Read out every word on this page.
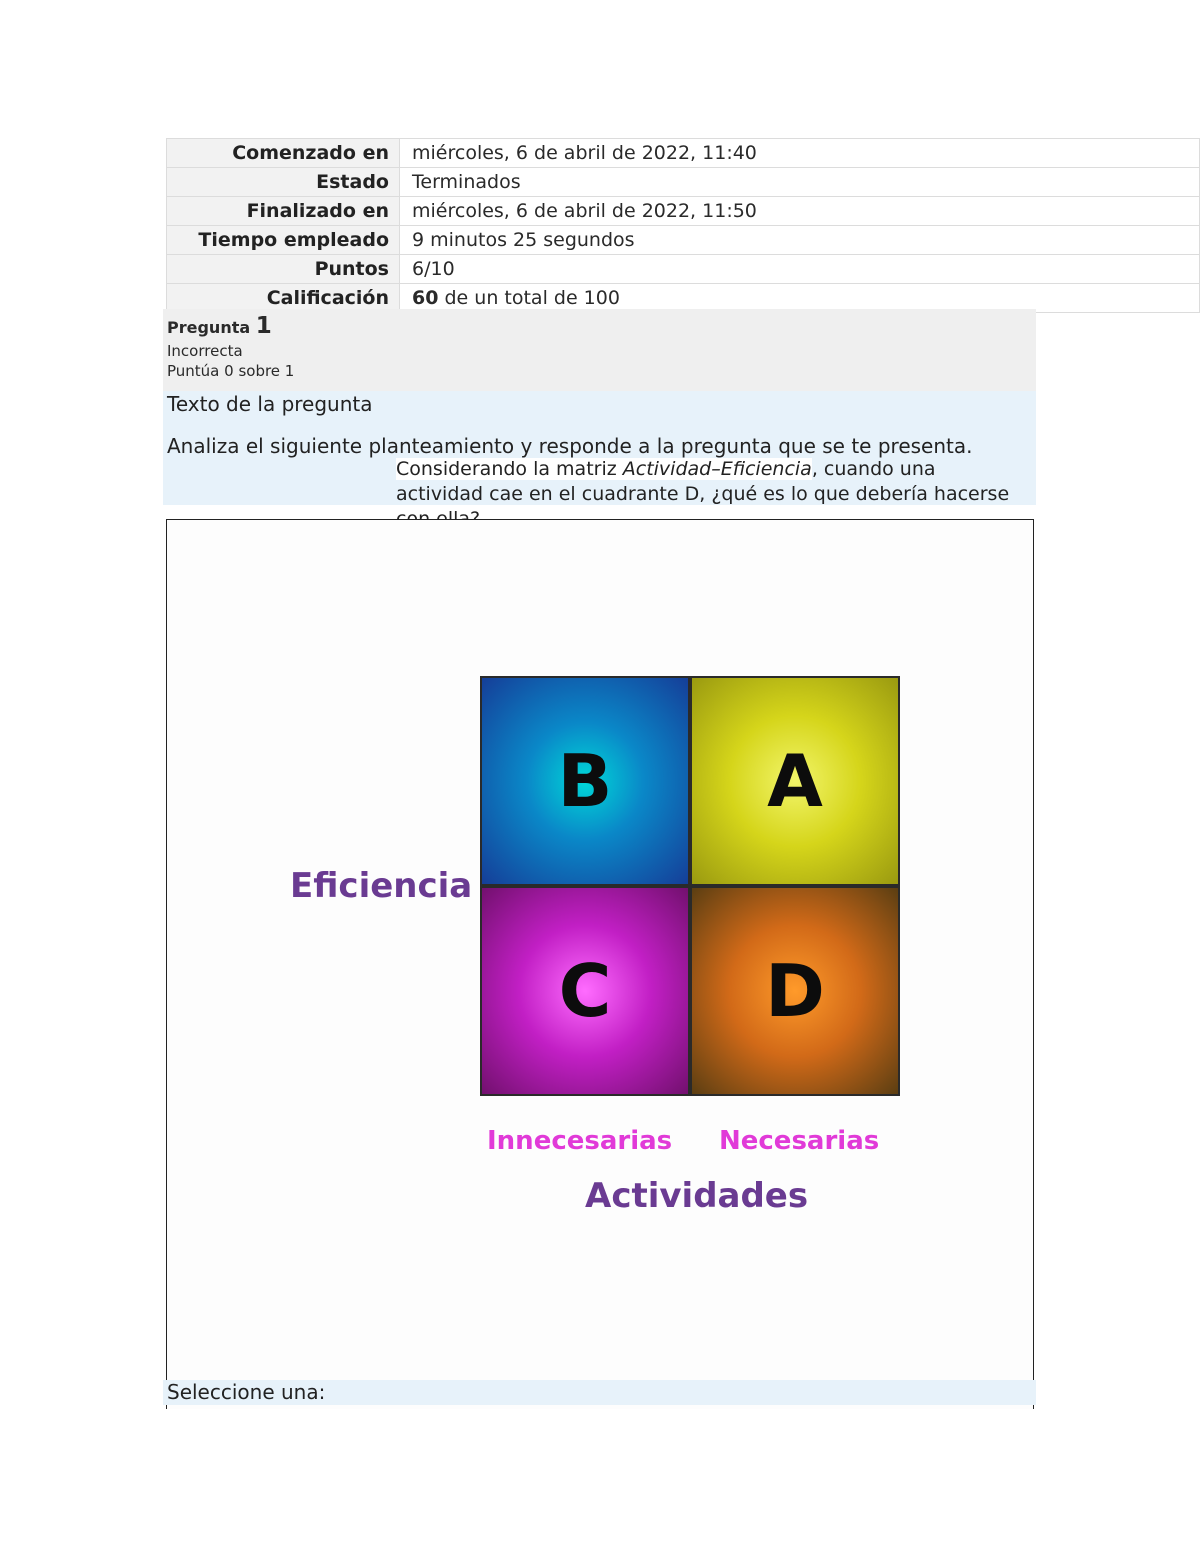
Comenzado en	miércoles, 6 de abril de 2022, 11:40
Estado	Terminados
Finalizado en	miércoles, 6 de abril de 2022, 11:50
Tiempo empleado	9 minutos 25 segundos
Puntos	6/10
Calificación	60 de un total de 100
Pregunta 1
Incorrecta
Puntúa 0 sobre 1
Texto de la pregunta
Analiza el siguiente planteamiento y responde a la pregunta que se te presenta.
Considerando la matriz Actividad–Eficiencia, cuando una actividad cae en el cuadrante D, ¿qué es lo que debería hacerse
B	A
C	D
Eficiencia
Innecesarias Necesarias
Actividades
Seleccione una:
